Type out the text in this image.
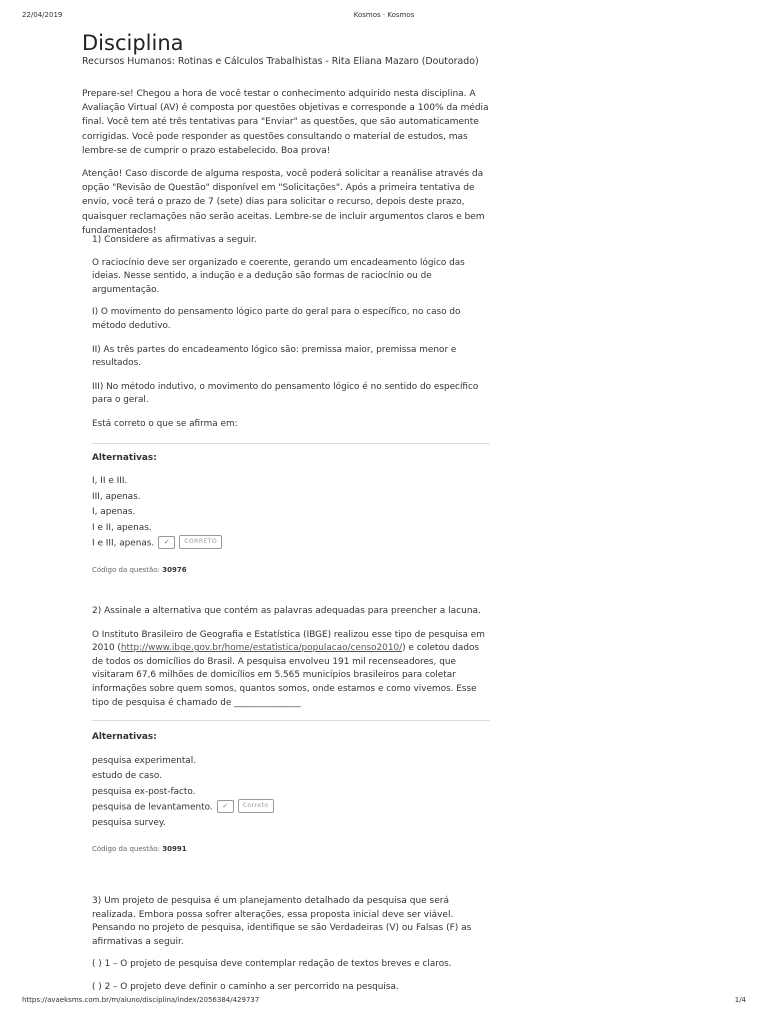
22/04/2019	Kosmos · Kosmos
Disciplina
Recursos Humanos: Rotinas e Cálculos Trabalhistas - Rita Eliana Mazaro (Doutorado)

Prepare-se! Chegou a hora de você testar o conhecimento adquirido nesta disciplina. A Avaliação Virtual (AV) é composta por questões objetivas e corresponde a 100% da média final. Você tem até três tentativas para "Enviar" as questões, que são automaticamente corrigidas. Você pode responder as questões consultando o material de estudos, mas lembre-se de cumprir o prazo estabelecido. Boa prova!

Atenção! Caso discorde de alguma resposta, você poderá solicitar a reanálise através da opção "Revisão de Questão" disponível em "Solicitações". Após a primeira tentativa de envio, você terá o prazo de 7 (sete) dias para solicitar o recurso, depois deste prazo, quaisquer reclamações não serão aceitas. Lembre-se de incluir argumentos claros e bem fundamentados!

1) Considere as afirmativas a seguir.

O raciocínio deve ser organizado e coerente, gerando um encadeamento lógico das ideias. Nesse sentido, a indução e a dedução são formas de raciocínio ou de argumentação.

I) O movimento do pensamento lógico parte do geral para o específico, no caso do método dedutivo.

II) As três partes do encadeamento lógico são: premissa maior, premissa menor e resultados.

III) No método indutivo, o movimento do pensamento lógico é no sentido do específico para o geral.

Está correto o que se afirma em:

Alternativas:
I, II e III.
III, apenas.
I, apenas.
I e II, apenas.
I e III, apenas. ✓ CORRETO
Código da questão: 30976

2) Assinale a alternativa que contém as palavras adequadas para preencher a lacuna.

O Instituto Brasileiro de Geografia e Estatística (IBGE) realizou esse tipo de pesquisa em 2010 (http://www.ibge.gov.br/home/estatistica/populacao/censo2010/) e coletou dados de todos os domicílios do Brasil. A pesquisa envolveu 191 mil recenseadores, que visitaram 67,6 milhões de domicílios em 5.565 municípios brasileiros para coletar informações sobre quem somos, quantos somos, onde estamos e como vivemos. Esse tipo de pesquisa é chamado de _______________

Alternativas:
pesquisa experimental.
estudo de caso.
pesquisa ex-post-facto.
pesquisa de levantamento. ✓ Correto
pesquisa survey.
Código da questão: 30991

3) Um projeto de pesquisa é um planejamento detalhado da pesquisa que será realizada. Embora possa sofrer alterações, essa proposta inicial deve ser viável. Pensando no projeto de pesquisa, identifique se são Verdadeiras (V) ou Falsas (F) as afirmativas a seguir.

( ) 1 – O projeto de pesquisa deve contemplar redação de textos breves e claros.

( ) 2 – O projeto deve definir o caminho a ser percorrido na pesquisa.

https://avaeksms.com.br/m/aluno/disciplina/index/2056384/429737	1/4
